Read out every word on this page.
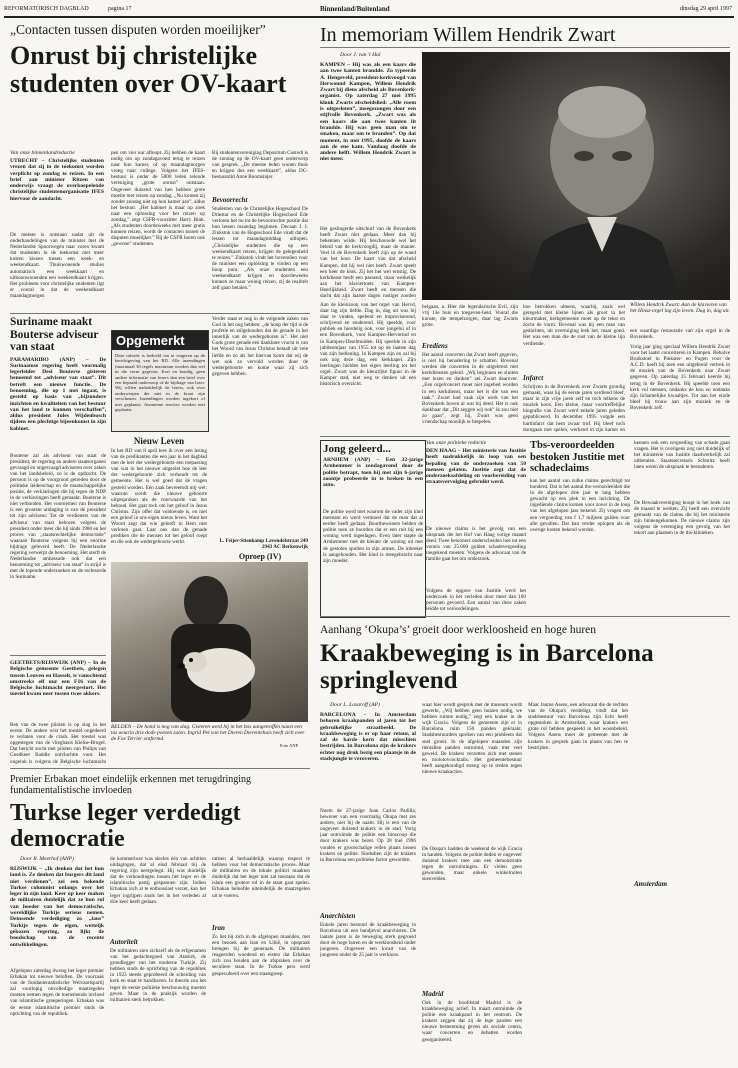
REFORMATORISCH DAGBLAD	pagina 17	Binnenland/Buitenland	dinsdag 29 april 1997
„Contacten tussen disputen worden moeilijker”
Onrust bij christelijke studenten over OV-kaart
Van onze binnenlandredactie
UTRECHT – Christelijke studenten vrezen dat zij in de toekomst worden verplicht op zondag te reizen. In een brief aan minister Ritzen van onderwijs vraagt de overkoepelende christelijke studentenorganisatie IFES hiervoor de aandacht.
De meeste is ontstaan nadat uit de onderhandelingen van de minister met de Nederlandse Spoorwegen naar voren kwam dat studenten in de toekomst met meer kosten kiezen tussen een week- en weekendkaart. Thuiswonende studies automatisch een weekkaart en uitboonwonenden een weekendkaart krijgen. Het probleem voor christelijke studenten ligt er vooral in dat de weekendkaart maandagmorgen
pen om vier uur afloopt. Zij hebben de kaart nodig om op zondagavond terug te reizen naar hun kamer, of op maandagmorgen vroeg naar college. Volgens het IFES-bestuur is onder de 5000 leden telende vereniging „grote onrust” ontstaan. Ongeveer duizend van hen hebben grote moeite met reizen op zondag. „Nu komen zij zonder zondag niet op hun kamer aan”, aldus het bestuur. „Het kabinet is maar op zoek naar een oplossing voor het reizen op zondag,” zegt CSFR-voorzitter Harry Bink. „Als studenten doordeweeks met meer gratis kunnen reizen, wordt de contacten tussen de disputen moeilijker.” Bij de CSFR horen ook „gewone” studenten.
Bij studentenvereniging Depositum Custodi is de zondag op de OV-kaart geen onderwerp van gesprek. „De meeste leden wonen thuis en krijgen dus een weekkaart”, aldus DC-bestuurslid Anne Boomsinjer.
Bevoorrecht
Studenten van de Christelijke Hogeschool De Driestar en de Christelijke Hogeschool Ede verloren het nu tot de bevoorrechte positie dat hun lessen maandag beginnen. Decaan J. J. Zinkstok van de Hogeschool Ede vindt dat de lessen tot maandagmiddag uitlopen. „Christelijke studenten die op een weekendkaart reizen, krijgen de gelegenheid te reizen.” Zinkstok vindt het bovendien voor de minister een oplossing te vinden op een hoop punt. „Als onze studenten een weekendkaart krijgen en doordeweeks kunnen ze maar weinig reizen, zij de realiteit zelf gaan betalen.”
Suriname maakt Bouterse adviseur van staat
PARAMARIBO (ANP) – De Surinaamse regering heeft voormalig legerleider Desi Bouterse gisteren benoemd tot „adviseur van staat”. Dit betreft een nieuwe functie. De benoeming, die op 1 mei ingaat, is gesteld op basis van „bijzondere inzichten en kwaliteiten van het bestuur van het land te kunnen verschaffen”, aldus president Jules Wijdenbosch tijdens een plechtige bijeenkomst in zijn kabinet.
Bouterse zal als adviseur van staat de president, de regering en andere staatsorganen gevraagd en ongevraagd adviseren over zaken van het landsbeleid, zo is de opdracht. De persoon is op de voorgrond getreden door de politieke leiderschap en de maatschappelijke positie, de verklaringen die hij tegen de NDP in de verkiezingen heeft gemaakt. Bouterse is niet verbonden. Het voornemen van Bouterse is een grootste uitdaging is van de president tot zijn adviseur. Tot de verdieners van de adviseur van staat behoren volgens de president onder meer die hij sinds 1980 en het proces van „staatsrechtelijke democratie” waaraan Bouterse volgens hij een enorme bijdrage geleverd heeft. De Nederlandse regering verwerpt de benoeming. Het sterft de Nederlandse ambassade ook dat een benoeming tot „adviseur van staat” in strijd is met de lopende onderzoeken en de rechtsorde in Suriname.
GEETBETS/RIJSWIJK (ANP) – In de Belgische gemeente Geetbets, gelegen tussen Leuven en Hasselt, is vanochtend omstreeks elf uur een F16 van de Belgische luchtmacht neergestort. Het toestel kwam neer tussen twee akkers.
Ben van de twee piloten is op slag in het eerste. De andere wist het toestel ongedeerd te verlaten voor de crash. Het toestel was opgestegen van de vliegbasis Kleine-Brogel. Dat bericht zocht met piloten van Philips van Goedkeer Baddle ontvluchtte voor. Het ongeluk is volgens de Belgische luchtmacht
Opgemerkt
Deze rubriek is bedoeld om te reageren op de berichtgeving van het RD. Alle inzendingen (maximaal 30 regels maximum worden dan wel in die vorm gegeven. Kort en bondig, geen andere informatie van lezers dan een brief over een bepaald onderwerp of de bijdrage van lezer. Wij willen nadrukkelijk de lezers, ook over onderwerpen die niet in de krant zijn verschenen. Inzendingen worden ingekort of niet geplaatst. Anonieme reacties worden niet geplaatst.
Nieuw Leven
In het RD van 8 april lees ik over een lezing van de predikanten die een jaar in het dagblad met de leer der wedergeboorte een toepassing van wat in het nieuwe uitgeziet hoe de leer der wedergeboorte zich verhoudt tot de gemeente. Het is wel goed dat de vragen gesteld worden. Eén zaak bevreemdt mij wel: waarom wordt die nieuwe geboorte uitgesproken als de voorwaarde van het behoud. Het gaat toch om het geloof in Jezus Christus. Zijn offer dat voldoende is, en niet een geloof in ons eigen nieuw leven. Want het Woord zegt dat wie gelooft in Hem niet verloren gaat. Laat ons dan de genade prediken die de mensen tot het geloof roept en die ook de wedergeboorte werkt.
Verder staat er nog in de volgende zaken van God in het oog hebben: „de hoop der tijd is de profetie en stilgehouden dat de genade in het innerlijk van de wedergeboren is”. Het niet Gods grote genade een dankbare vrucht is van het Woord van Jezus Christus betaalt uit vele liefde en zo als het hiervan komt dat wij de wet ook zo vervuld worden door de wedergeboorte en kome waar zij zich gegeven hebben.
BELDEN – De hond is nog van slag. Gisteren werd hij in het bos aangetroffen naast een tas waarin drie dode poezen zaten. Ingrid Pel van het Dieren Dierentehuis heeft zich over de Fox Terrier ontfermd.
Foto ANP
L. Feijer-Stienkamp Lavendelstraat 249 2943 AC Berkenwijk
Oproep (IV)
In memoriam Willem Hendrik Zwart
Door J. van 't Hul
KAMPEN – Hij was als een kaars die aan twee kanten brandde. Zo typeerde A. Hengeveld, president-kerkvoogd van Herwonnd Kampen, Willem Hendrik Zwart bij diens afscheid als Bovenkerk-organist. Op zaterdag 27 mei 1995 klonk Zwarts afscheidslied: „Alle roem is uitgesloten”, meegezongen door een stijfvolle Bovenkerk. „Zwart was als een kaars die aan twee kanten lit brandde. Hij was geen man om te smaken, maar om te branden”. Op dat moment, in mei 1995, doofde de kaars aan de ene kant. Vandaag doofde de andere helft. Willem Hendrik Zwart is niet meer.
Het geslingerde uitschuif van de Bovenkerk heeft Zwart niet gedaan. Meer dan hij bekennen wilde. Hij beschouwde wel het beleid van de kerkvoogdij, maar de manier. Veel in de Bovenkerk heeft zijn op de wand van het koor. De kaart van dat afscheid Kampen, dat hij wel niet heeft. Zwart speelt een keer de klok. Zij het het wel ernstig. De kerkdienst heeft een passend, maar werkelijk aan het klaviertoets van Kampen-Heerlijkheid. Zwart heeft en mensen die dacht dat zijn laatste dagen rustiger zouden
Aan de kleinzoon van het orgel van Hervd, daar lag zijn liefde. Dag in, dag uit was hij daar te vinden, spelend en improviserend, schrijvend en studerend. Hij speelde, voor publiek en hierdelig ook, voor jongelui of in een Bovenkerk, voor Kampen-Hervormd en in Kampen-IJsselmuiden. Hij speelde in zijn jubileumjaar van 1955 tot op de laatste dag van zijn bediening. In Kampen zijn en zal hij ook nog deze dag, een kerkkapel. Zijn leerlingen hielden het eigen leerling tot het orgel. Zwart was de kleurrijke figuur in de Kamper stad, niet weg te denken uit een historisch overzicht.
belgaan, u. Hier die legendarische Evil, zijn vrij 13e huis en toegeven-heid. Vooral die kunste, die tempelzorgen, daar lag Zwarts grote.
Erediens
Het aantal concerten dat Zwart heeft gegeven, is niet bij benadering te schatten. Bovenal werden die concerten in de uitgebreid met kerkdiensten geleid. „Wij beginnen en sluiten met lezen en danken” zei Zwart daarover. „Een orgelconcert moet niet ingebed worden in een kerkdienst, maar het is die van een taak.” Zwart had vaak zijn werk van het Bovenkerk boven al wat hij deed. Het is ook dankbaar dat „Dit zeggen wij ook” ik zou niet zo gaan”, zegt hij, Zwart was geen vriendschap moeilijk te bespelen.
hoe betrokken uiteens, waarbij, zoals wel geregeld met kleine lijnen als groot in het kleurmaker, kerkgemeente moet op de tekst en zocht de vorm. Bovenal was hij een man van gedachten, uit overtuiging leek het, maar goed. Het was een man die de rust van de kleine lijn verdiende.
Infarct
Schrijven in de Bovenkerk over Zwarts grondig gemaakt, waar hij de eerste jaren verdiend bleef, maar in zijn vrije jaren zelf en toch telkens de muziek koos. Een kleine, maar voortreffelijke biografie van Zwart werd enkele jaren geleden gepubliceerd. In december 1995 volgde een hartinfarct dat hem zwaar trof. Hij bleef toch doorgaan met spelen, werkend in zijn kamer en
Willem Hendrik Zwart: Aan de klavieren van het Hinsz-orgel lag zijn leven. Dag in, dag uit.
een waardige restauratie van zijn orgel in de Bovenkerk.
Vorig jaar ging speciaal Willem Hendrik Zwart voor het laatst concerteren in Kampen. Behalve Bruikstoel in Pinkster- en Pogen voor de A.C.D. heeft hij toen een uitgebreid vertrek in de muziek van de Bovenkerk naar Zwart gegeven. Op zaterdag 15 februari keerde hij terug in de Bovenkerk. Hij speelde toen een kerk vol mensen, ondanks de kou en ondanks zijn lichamelijke kwaaltjes. Tot aan het einde bleef hij trouw aan zijn muziek en de Bovenkerk zelf.
Jong geleerd...
ARNHEM (ANP) – Een 32-jarige Arnhemmer is zondagavond door de politie betrapt, toen hij met zijn 6-jarige zoontje probeerde in te breken in een auto.
De politie werd met waarom de vader zijn kind meenam en werd vermoed dat de man dat al eerder heeft gedaan. Buurtbewoners belden de politie toen ze hoorden dat er een ruit bij een woning werd ingeslagen. Even later stapte de Arnhemmer met de kleuter de woning uit met de gestolen spullen in zijn armen. De inbreker is aangehouden. Het kind is meegebracht naar zijn moeder.
Van onze politieke redactie
DEN HAAG – Het ministerie van Justitie heeft nadrukkelijk in loop van een bepaling van de onderzoeken van 50 mensen gelaten. Justitie zegt dat de onderzoeksafdeling en voorbereiding van straatsvervolging gebruikt werd.
De nieuwe claims is het gevolg van een uitspraak die het Hof van Haag vorige maand deed. Twee bewoners onderscheiden hoe tot een vonnis van 25.000 gulden schadevergoeding toegekend moeten. Volgens de advocaat van de familie gaat het om onderzoek.
Volgens de opgave van Justitie werd het onderzoek in het verleden door meer dan 100 personen gevoerd. Een aantal van deze zaken leidde tot veroordelingen.
Tbs-veroordeelden bestoken Justitie met schadeclaims
kan het aantal van zulke claims gerechtigd tot honderd. Dat is het aantal tbs-veroordeelden die in de afgelopen drie jaar te lang hebben gewacht op een plek in een inrichting. De ingediende claims komen voor zover in de loop van het afgelopen jaar bekend. Zij vragen om een vergoeding van f 1,7 miljoen gulden voor alle gevallen. Dat kan verder oplopen als de overige kosten bekend worden.
kennen ook een vergoeding van schade gaan vragen. Het is overigens nog niet duidelijk of het ministerie van Justitie daadwerkelijk zal uitbetalen. Staatssecretaris Schmitz heeft laten weten de uitspraak te bestuderen.
De Bewaakvereniging hoopt in het boek van de maand te werken. Zij heeft een overzicht gemaakt van de claims die bij het ministerie zijn binnengekomen. De nieuwe claims zijn volgens de vereniging een gevolg van het tekort aan plaatsen in de tbs-klinieken.
Aanhang ‘Okupa’s’ groeit door werkloosheid en hoge huren
Kraakbeweging is in Barcelona springlevend
Door L. Lozaroff (AP)
BARCELONA – In Amsterdam behoren kraakpanden al jaren tot het gebruikelijke straatbeeld. De kraakbeweging is er op haar retour, al zal de harde kern dat misschien bestrijden. In Barcelona zijn de krakers echter nog druk bezig een plaatsje in de stadsjungle te veroveren.
Noem de 27-jarige Joan Carlos Padilla, bewoner van een voormalig Okupa met zes andere, niet bij de naam. Hij is een van de ongeveer duizend krakers in de stad. Vorig jaar ontruimde de politie een bioscoop die door krakers was bezet. Op 28 mei 1996 vonden er grootschalige rellen plaats tussen krakers en politie. Sindsdien zijn de krakers in Barcelona een politieke factor geworden.
Anarchisten
Enkele jaren bestond de kraakbeweging in Barcelona uit een handjevol anarchisten. De laatste jaren is de beweging sterk gegroeid door de hoge huren en de werkloosheid onder jongeren. Ongeveer een kwart van de jongeren onder de 25 jaar is werkloos.
waar hier wordt gesprok met de museum wordt gewerkt, „Wij hebben geen huizen nodig, we hebben ruimte nodig,” zegt een kraker in de wijk Gracia. Volgens de gemeente zijn er in Barcelona ruim 150 panden gekraakt. Stadsbestuurders spreken van een probleem dat snel groeit. In de afgelopen maanden zijn tientallen panden ontruimd, vaak met veel geweld. De krakers verzetten zich met stenen en molotovcocktails. Het gemeentebestuur heeft aangekondigd streng op te treden tegen nieuwe kraakacties.
De Okupa's hadden de weekend de wijk Gracia in handen. Volgens de politie deden er ongeveer duizend krakers mee aan een demonstratie tegen de ontruimingen. Er vielen geen gewonden, maar enkele winkelruiten sneuvelden.
Madrid
Ook in de hoofdstad Madrid is de kraakbeweging actief. In maart ontruimde de politie een kraakpand in het centrum. De krakers zeggen dat zij de lege panden een nieuwe bestemming geven als sociale centra, waar concerten en debatten worden georganiseerd.
Maar Jaume Asens, een advocaat die de rechten van de Okupa's verdedigt, vindt dat het stadsbestuur van Barcelona zijn licht heeft opgestoken in Amsterdam, waar krakers een grote rol hebben gespeeld in het woonbeleid. Volgens Asens moet de gemeente met de krakers in gesprek gaan in plaats van hen te bestrijden.
Amsterdam
Premier Erbakan moet eindelijk erkennen met terugdringing fundamentalistische invloeden
Turkse leger verdedigt democratie
Door R. Meerhof (ANP)
RIJSWIJK – „Ik denken dat het hun land is. Ze denken dat burgers dit land niet verdienen”, zei een bekende Turkse columnist onlangs over het leger in zijn land. Keer op keer maken de militairen duidelijk dat ze hun rol van hoeder van het democratische, wereldlijke Turkije serieus nemen. Deinsende verdediging zo „laus” Turkije tegen de eigen, wetteljk gekozen regering, zo lijkt de boodschap van de recente ontwikkelingen.
Afgelopen zaterdag dwong het leger premier Erbakan tot nieuwe beloften. De voorzaak van de fundamentalistische Welvaartspartij zal voorlopig onvolledige maatregelen moeten nemen tegen de toenemende invloed van islamitische groeperingen. Erbakan was de eerste islamitische premier sinds de oprichting van de republiek.
de kommerloze was slechts één van achttien uitdagingen, dat al eind februari bij de regering zijn neergelegd. Hij was duidelijk dat de verhoudingen tussen het leger en de islamitische partij gespannen zijn. Indien Erbakan zich al te enthousiast verzet, kan het leger ingrijpen zoals het in het verleden al drie keer heeft gedaan.
Autoriteit
De militairen zien zichzelf als de erfgenamen van het gedachtegoed van Atatürk, de grondlegger van het moderne Turkije. Zij hebben sinds de oprichting van de republiek in 1923 steeds geprobeerd de scheiding van kerk en staat te handhaven. In theorie zou het leger de eerste politieke beschouwing moeten geven. Maar in de praktijk worden de militairen sterk betrokken.
ratisen al herhaaldelijk waarop respect te hebben voor het democratische proces. Maar de militairen en de lokale politici maakten duidelijk dat het leger niet zal toestaan dat de islam een grotere rol in de staat gaat spelen. Erbakan beloofde uiteindelijk de maatregelen uit te voeren.
Iran
Zo liet hij zich in de afgelopen maanden, met een bezoek aan Iran en Libië, in opspraak brengen bij de generaals. De militairen reageerden woedend en eisten dat Erbakan zich zou houden aan de afspraken over de seculiere staat. In de Turkse pers werd gespeculeerd over een staatsgreep.
